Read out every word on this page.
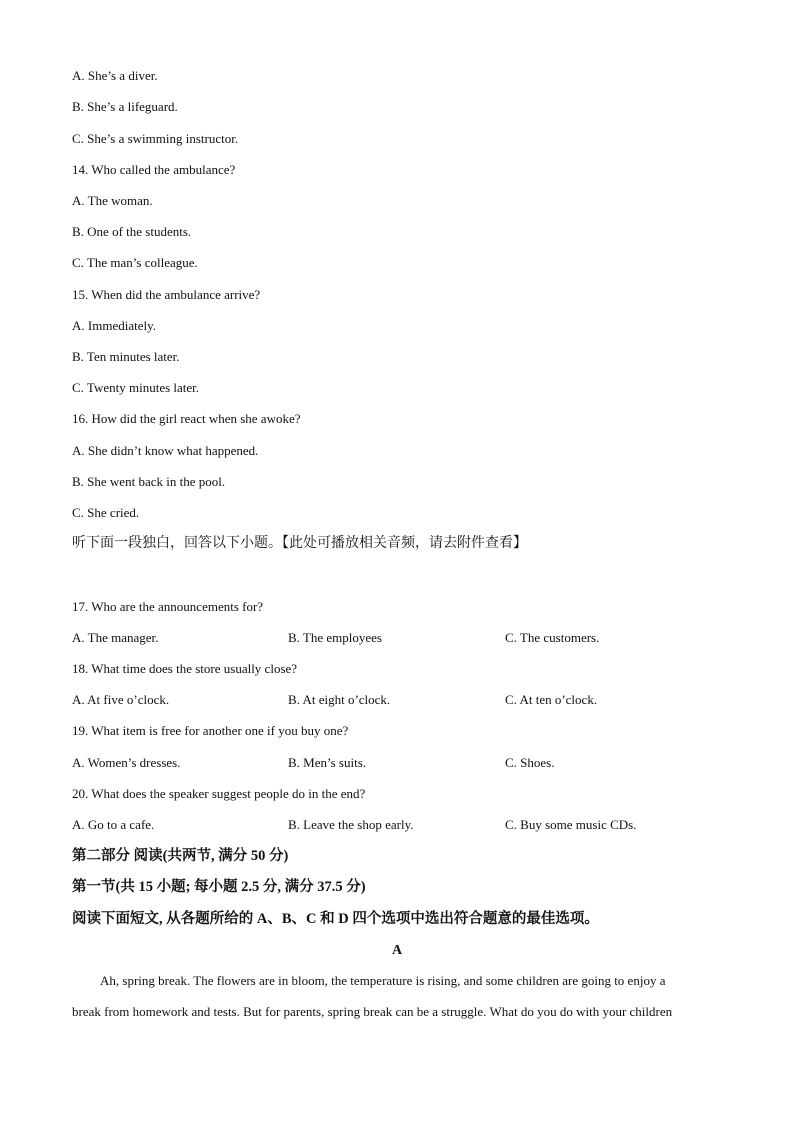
A. She’s a diver.
B. She’s a lifeguard.
C. She’s a swimming instructor.
14. Who called the ambulance?
A. The woman.
B. One of the students.
C. The man’s colleague.
15. When did the ambulance arrive?
A. Immediately.
B. Ten minutes later.
C. Twenty minutes later.
16. How did the girl react when she awoke?
A. She didn’t know what happened.
B. She went back in the pool.
C. She cried.
听下面一段独白，回答以下小题。【此处可播放相关音频，请去附件查看】
17. Who are the announcements for?
A. The manager.	B. The employees	C. The customers.
18. What time does the store usually close?
A. At five o’clock.	B. At eight o’clock.	C. At ten o’clock.
19. What item is free for another one if you buy one?
A. Women’s dresses.	B. Men’s suits.	C. Shoes.
20. What does the speaker suggest people do in the end?
A. Go to a cafe.	B. Leave the shop early.	C. Buy some music CDs.
第二部分 阅读(共两节, 满分 50 分)
第一节(共 15 小题; 每小题 2.5 分, 满分 37.5 分)
阅读下面短文, 从各题所给的 A、B、C 和 D 四个选项中选出符合题意的最佳选项。
A
Ah, spring break. The flowers are in bloom, the temperature is rising, and some children are going to enjoy a
break from homework and tests. But for parents, spring break can be a struggle. What do you do with your children
